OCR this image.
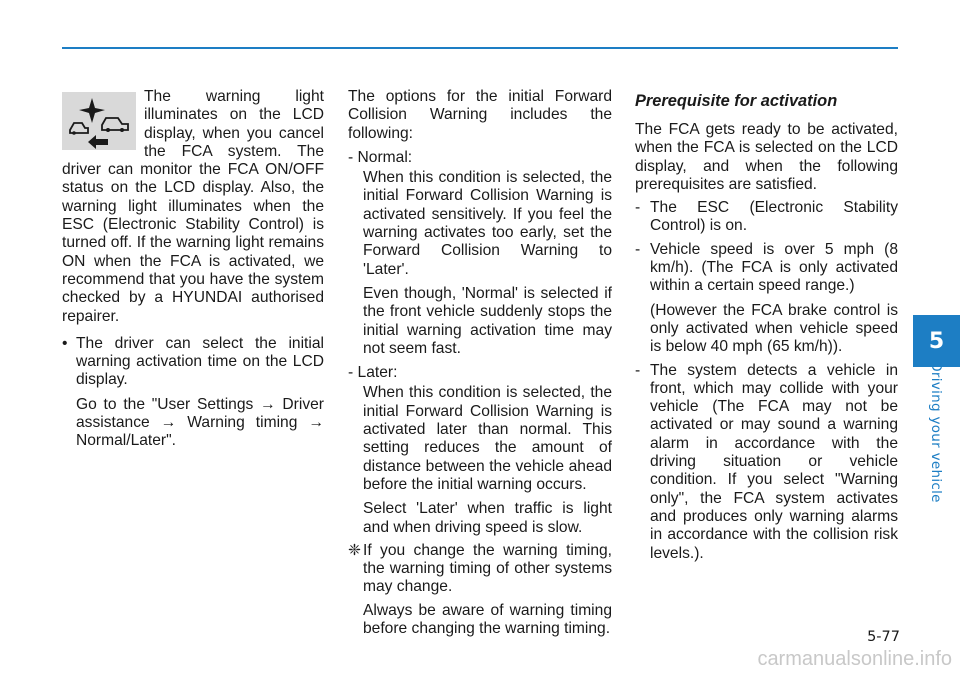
The warning light illuminates on the LCD display, when you cancel the FCA system. The driver can monitor the FCA ON/OFF status on the LCD display. Also, the warning light illuminates when the ESC (Electronic Stability Control) is turned off. If the warning light remains ON when the FCA is activated, we recommend that you have the system checked by a HYUNDAI authorised repairer.

• The driver can select the initial warning activation time on the LCD display.

Go to the "User Settings → Driver assistance → Warning timing → Normal/Later".

The options for the initial Forward Collision Warning includes the following:

- Normal:

When this condition is selected, the initial Forward Collision Warning is activated sensitively. If you feel the warning activates too early, set the Forward Collision Warning to 'Later'.

Even though, 'Normal' is selected if the front vehicle suddenly stops the initial warning activation time may not seem fast.

- Later:

When this condition is selected, the initial Forward Collision Warning is activated later than normal. This setting reduces the amount of distance between the vehicle ahead before the initial warning occurs.

Select 'Later' when traffic is light and when driving speed is slow.

❈ If you change the warning timing, the warning timing of other systems may change.

Always be aware of warning timing before changing the warning timing.

Prerequisite for activation

The FCA gets ready to be activated, when the FCA is selected on the LCD display, and when the following prerequisites are satisfied.

- The ESC (Electronic Stability Control) is on.

- Vehicle speed is over 5 mph (8 km/h). (The FCA is only activated within a certain speed range.)

(However the FCA brake control is only activated when vehicle speed is below 40 mph (65 km/h)).

- The system detects a vehicle in front, which may collide with your vehicle (The FCA may not be activated or may sound a warning alarm in accordance with the driving situation or vehicle condition. If you select "Warning only", the FCA system activates and produces only warning alarms in accordance with the collision risk levels.).

5
Driving your vehicle
5-77
carmanualsonline.info
